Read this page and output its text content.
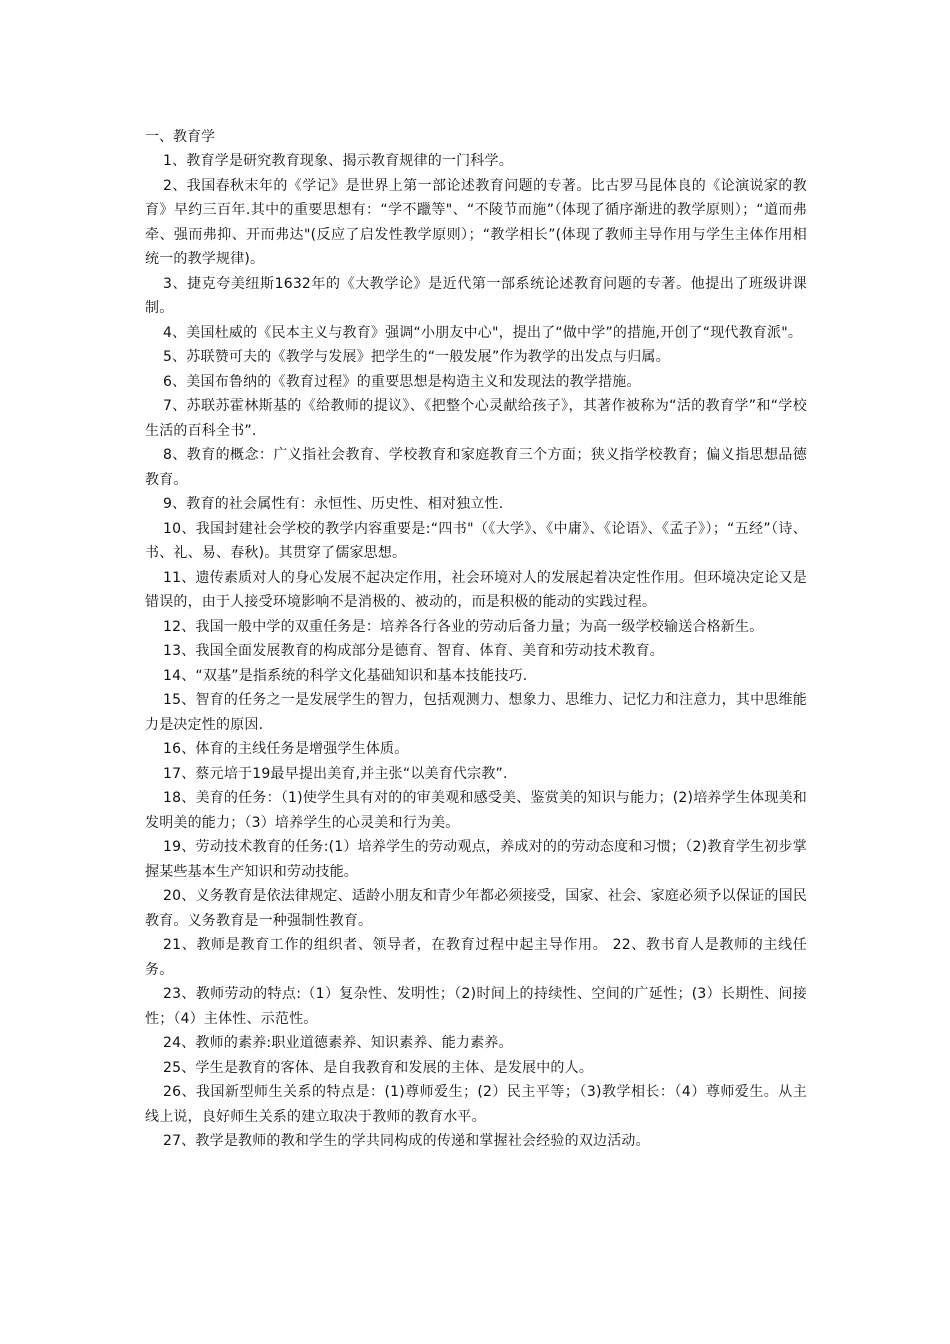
一、教育学

1、教育学是研究教育现象、揭示教育规律的一门科学。

2、我国春秋末年的《学记》是世界上第一部论述教育问题的专著。比古罗马昆体良的《论演说家的教育》早约三百年.其中的重要思想有：“学不躐等"、“不陵节而施”（体现了循序渐进的教学原则）；“道而弗牵、强而弗抑、开而弗达"(反应了启发性教学原则）；“教学相长”(体现了教师主导作用与学生主体作用相统一的教学规律)。

3、捷克夸美纽斯1632年的《大教学论》是近代第一部系统论述教育问题的专著。他提出了班级讲课制。

4、美国杜威的《民本主义与教育》强调“小朋友中心"，提出了“做中学”的措施,开创了“现代教育派"。

5、苏联赞可夫的《教学与发展》把学生的“一般发展”作为教学的出发点与归属。

6、美国布鲁纳的《教育过程》的重要思想是构造主义和发现法的教学措施。

7、苏联苏霍林斯基的《给教师的提议》、《把整个心灵献给孩子》，其著作被称为“活的教育学”和“学校生活的百科全书”.

8、教育的概念：广义指社会教育、学校教育和家庭教育三个方面；狭义指学校教育；偏义指思想品德教育。

9、教育的社会属性有：永恒性、历史性、相对独立性.

10、我国封建社会学校的教学内容重要是:“四书"（《大学》、《中庸》、《论语》、《孟子》）；“五经”（诗、书、礼、易、春秋)。其贯穿了儒家思想。

11、遗传素质对人的身心发展不起决定作用，社会环境对人的发展起着决定性作用。但环境决定论又是错误的，由于人接受环境影响不是消极的、被动的，而是积极的能动的实践过程。

12、我国一般中学的双重任务是：培养各行各业的劳动后备力量；为高一级学校输送合格新生。

13、我国全面发展教育的构成部分是德育、智育、体育、美育和劳动技术教育。

14、“双基”是指系统的科学文化基础知识和基本技能技巧.

15、智育的任务之一是发展学生的智力，包括观测力、想象力、思维力、记忆力和注意力，其中思维能力是决定性的原因.

16、体育的主线任务是增强学生体质。

17、蔡元培于19最早提出美育,并主张“以美育代宗教”.

18、美育的任务：（1)使学生具有对的的审美观和感受美、鉴赏美的知识与能力；(2)培养学生体现美和发明美的能力；（3）培养学生的心灵美和行为美。

19、劳动技术教育的任务:(1）培养学生的劳动观点，养成对的的劳动态度和习惯；（2)教育学生初步掌握某些基本生产知识和劳动技能。

20、义务教育是依法律规定、适龄小朋友和青少年都必须接受，国家、社会、家庭必须予以保证的国民教育。义务教育是一种强制性教育。

21、教师是教育工作的组织者、领导者，在教育过程中起主导作用。 22、教书育人是教师的主线任务。

23、教师劳动的特点:（1）复杂性、发明性；（2)时间上的持续性、空间的广延性；(3）长期性、间接性；（4）主体性、示范性。

24、教师的素养:职业道德素养、知识素养、能力素养。

25、学生是教育的客体、是自我教育和发展的主体、是发展中的人。

26、我国新型师生关系的特点是：(1)尊师爱生；(2）民主平等；（3)教学相长：（4）尊师爱生。从主线上说，良好师生关系的建立取决于教师的教育水平。

27、教学是教师的教和学生的学共同构成的传递和掌握社会经验的双边活动。
